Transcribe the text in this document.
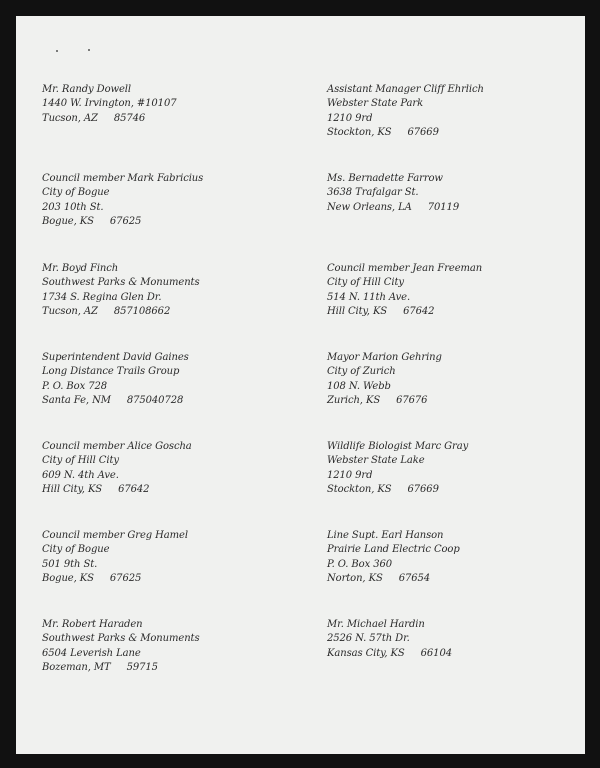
Mr. Randy Dowell
1440 W. Irvington, #10107
Tucson, AZ 85746
Assistant Manager Cliff Ehrlich
Webster State Park
1210 9rd
Stockton, KS 67669
Council member Mark Fabricius
City of Bogue
203 10th St.
Bogue, KS 67625
Ms. Bernadette Farrow
3638 Trafalgar St.
New Orleans, LA 70119
Mr. Boyd Finch
Southwest Parks & Monuments
1734 S. Regina Glen Dr.
Tucson, AZ 857108662
Council member Jean Freeman
City of Hill City
514 N. 11th Ave.
Hill City, KS 67642
Superintendent David Gaines
Long Distance Trails Group
P. O. Box 728
Santa Fe, NM 875040728
Mayor Marion Gehring
City of Zurich
108 N. Webb
Zurich, KS 67676
Council member Alice Goscha
City of Hill City
609 N. 4th Ave.
Hill City, KS 67642
Wildlife Biologist Marc Gray
Webster State Lake
1210 9rd
Stockton, KS 67669
Council member Greg Hamel
City of Bogue
501 9th St.
Bogue, KS 67625
Line Supt. Earl Hanson
Prairie Land Electric Coop
P. O. Box 360
Norton, KS 67654
Mr. Robert Haraden
Southwest Parks & Monuments
6504 Leverish Lane
Bozeman, MT 59715
Mr. Michael Hardin
2526 N. 57th Dr.
Kansas City, KS 66104
